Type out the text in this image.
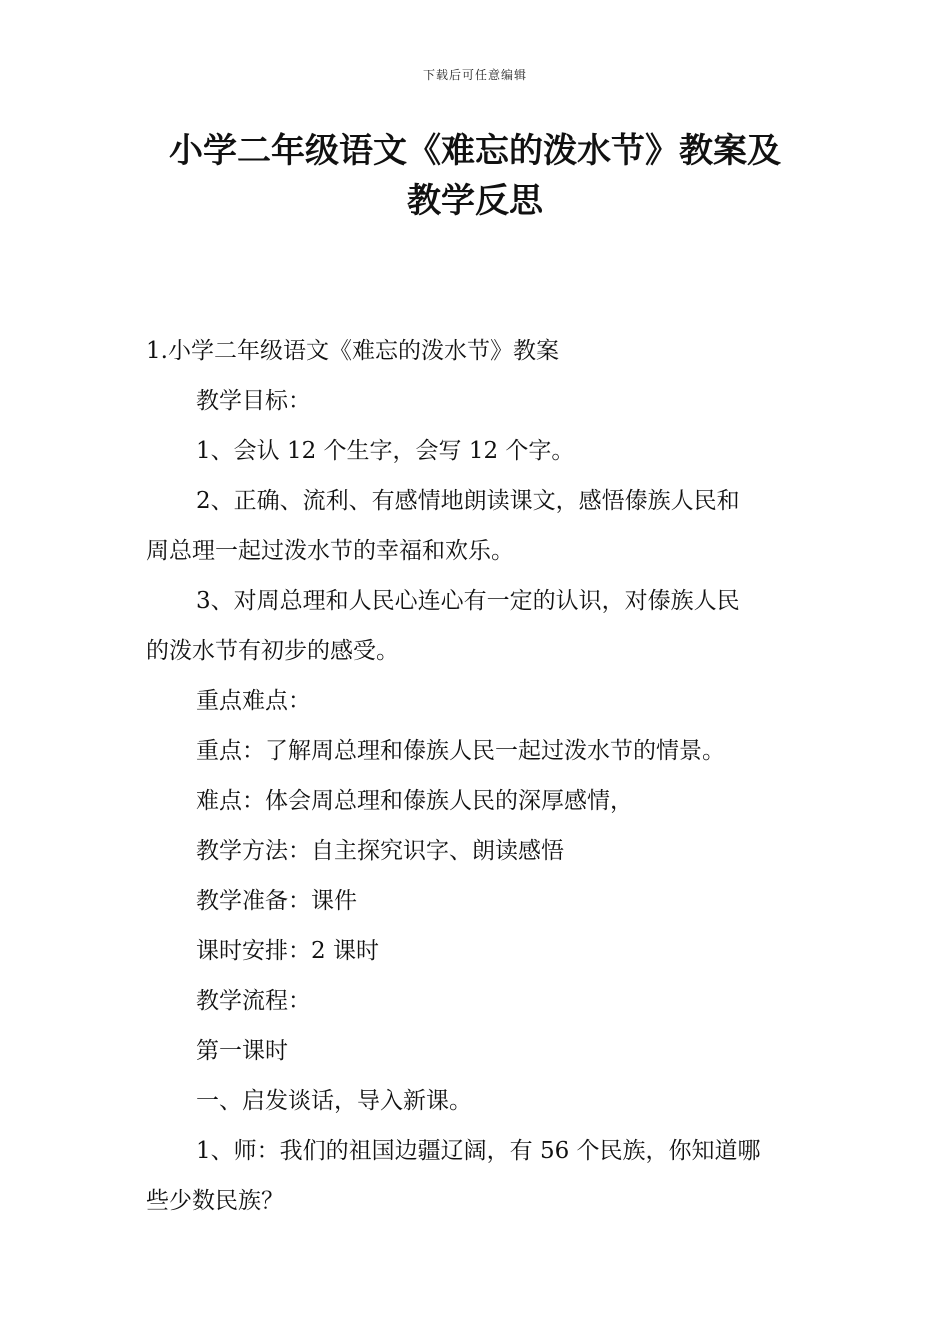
下载后可任意编辑
小学二年级语文《难忘的泼水节》教案及
教学反思
1.小学二年级语文《难忘的泼水节》教案
教学目标：
1、会认 12 个生字，会写 12 个字。
2、正确、流利、有感情地朗读课文，感悟傣族人民和
周总理一起过泼水节的幸福和欢乐。
3、对周总理和人民心连心有一定的认识，对傣族人民
的泼水节有初步的感受。
重点难点：
重点：了解周总理和傣族人民一起过泼水节的情景。
难点：体会周总理和傣族人民的深厚感情，
教学方法：自主探究识字、朗读感悟
教学准备：课件
课时安排：2 课时
教学流程：
第一课时
一、启发谈话，导入新课。
1、师：我们的祖国边疆辽阔，有 56 个民族，你知道哪
些少数民族？
